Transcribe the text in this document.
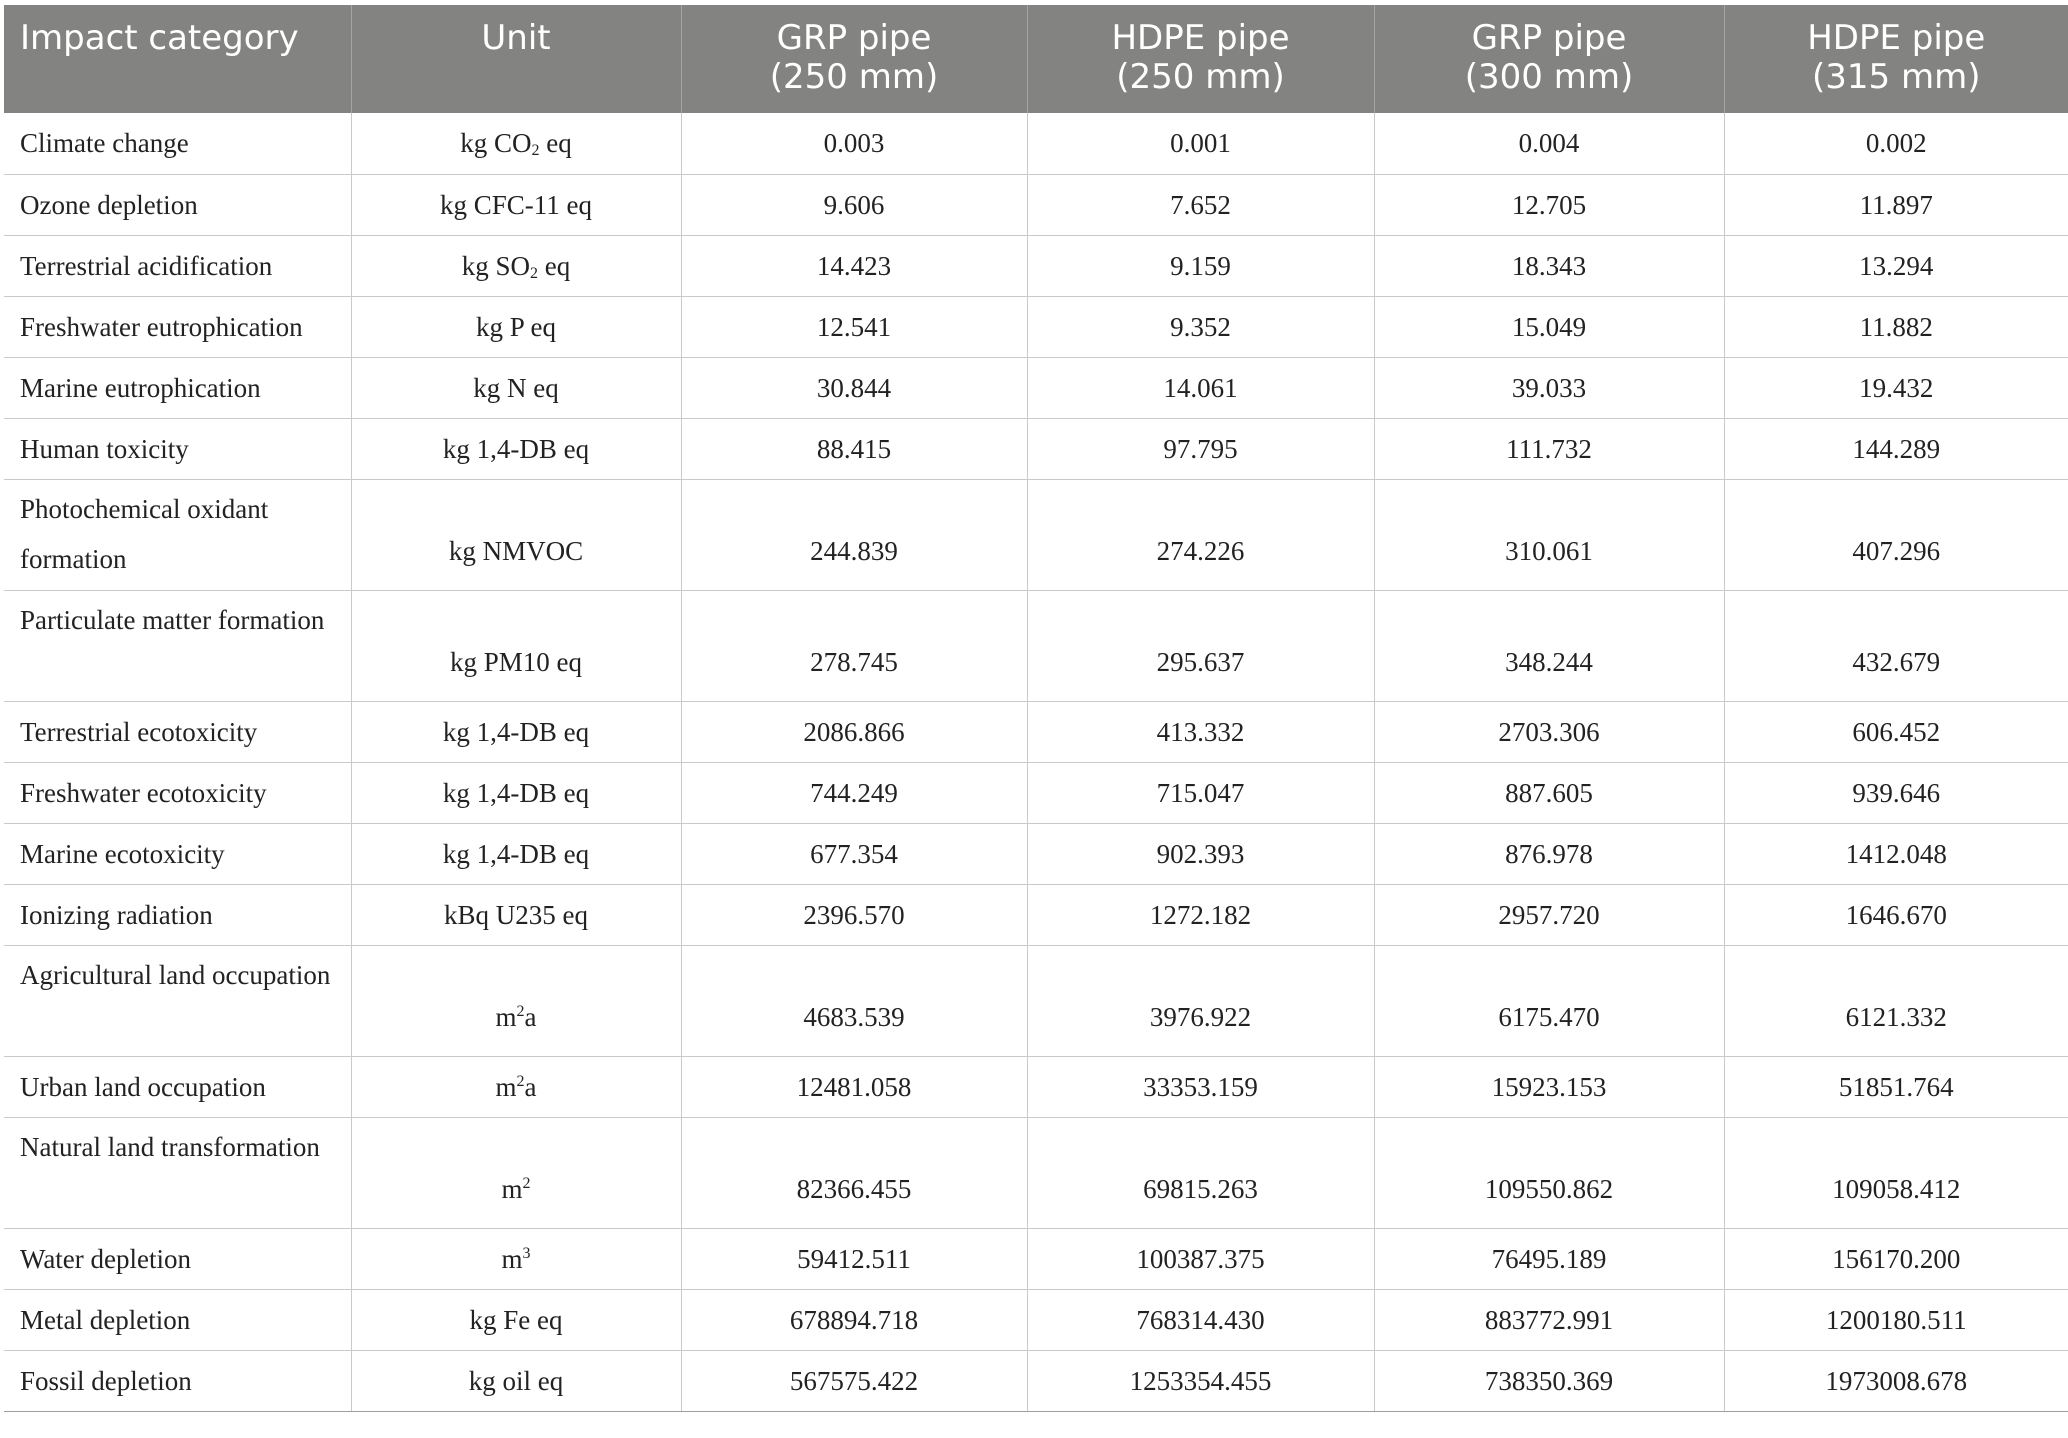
Impact category	Unit	GRP pipe (250 mm)	HDPE pipe (250 mm)	GRP pipe (300 mm)	HDPE pipe (315 mm)
Climate change	kg $CO_2$ eq	0.003	0.001	0.004	0.002
Ozone depletion	kg CFC-11 eq	9.606	7.652	12.705	11.897
Terrestrial acidification	kg $SO_2$ eq	14.423	9.159	18.343	13.294
Freshwater eutrophication	kg P eq	12.541	9.352	15.049	11.882
Marine eutrophication	kg N eq	30.844	14.061	39.033	19.432
Human toxicity	kg 1,4-DB eq	88.415	97.795	111.732	144.289
Photochemical oxidant formation	kg NMVOC	244.839	274.226	310.061	407.296
Particulate matter formation	kg PM10 eq	278.745	295.637	348.244	432.679
Terrestrial ecotoxicity	kg 1,4-DB eq	2086.866	413.332	2703.306	606.452
Freshwater ecotoxicity	kg 1,4-DB eq	744.249	715.047	887.605	939.646
Marine ecotoxicity	kg 1,4-DB eq	677.354	902.393	876.978	1412.048
Ionizing radiation	kBq U235 eq	2396.570	1272.182	2957.720	1646.670
Agricultural land occupation	$m^2a$	4683.539	3976.922	6175.470	6121.332
Urban land occupation	$m^2a$	12481.058	33353.159	15923.153	51851.764
Natural land transformation	$m^2$	82366.455	69815.263	109550.862	109058.412
Water depletion	$m^3$	59412.511	100387.375	76495.189	156170.200
Metal depletion	kg Fe eq	678894.718	768314.430	883772.991	1200180.511
Fossil depletion	kg oil eq	567575.422	1253354.455	738350.369	1973008.678
